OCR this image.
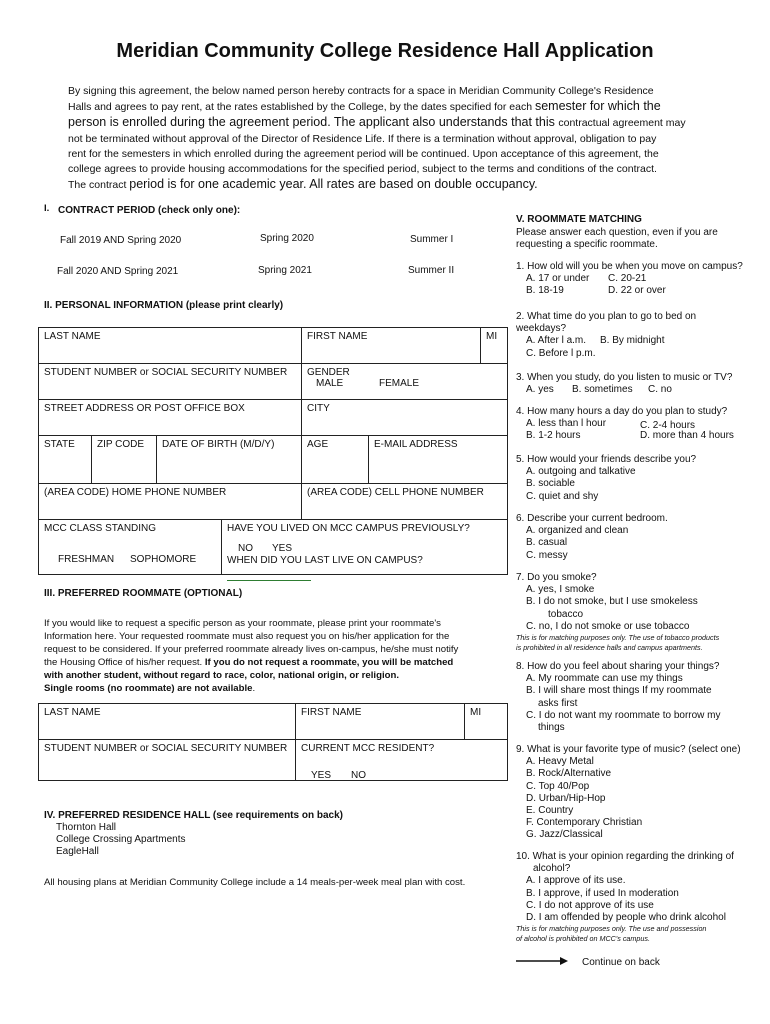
Meridian Community College Residence Hall Application
By signing this agreement, the below named person hereby contracts for a space in Meridian Community College's Residence
Halls and agrees to pay rent, at the rates established by the College, by the dates specified for each semester for which the
person is enrolled during the agreement period. The applicant also understands that this contractual agreement may
not be terminated without approval of the Director of Residence Life. If there is a termination without approval, obligation to pay
rent for the semesters in which enrolled during the agreement period will be continued. Upon acceptance of this agreement, the
college agrees to provide housing accommodations for the specified period, subject to the terms and conditions of the contract.
The contract period is for one academic year. All rates are based on double occupancy.
I. CONTRACT PERIOD (check only one):
Fall 2019 AND Spring 2020	Spring 2020	Summer I
Fall 2020 AND Spring 2021	Spring 2021	Summer II
II. PERSONAL INFORMATION (please print clearly)
LAST NAME	FIRST NAME	MI
STUDENT NUMBER or SOCIAL SECURITY NUMBER	GENDER
MALE	FEMALE
STREET ADDRESS OR POST OFFICE BOX	CITY
STATE	ZIP CODE	DATE OF BIRTH (M/D/Y)	AGE	E-MAIL ADDRESS
(AREA CODE) HOME PHONE NUMBER	(AREA CODE) CELL PHONE NUMBER
MCC CLASS STANDING
FRESHMAN SOPHOMORE
HAVE YOU LIVED ON MCC CAMPUS PREVIOUSLY?
NO YES
WHEN DID YOU LAST LIVE ON CAMPUS?
III. PREFERRED ROOMMATE (OPTIONAL)
If you would like to request a specific person as your roommate, please print your roommate's
Information here. Your requested roommate must also request you on his/her application for the
request to be considered. If your preferred roommate already lives on-campus, he/she must notify
the Housing Office of his/her request. If you do not request a roommate, you will be matched
with another student, without regard to race, color, national origin, or religion.
Single rooms (no roommate) are not available.
LAST NAME	FIRST NAME	MI
STUDENT NUMBER or SOCIAL SECURITY NUMBER	CURRENT MCC RESIDENT?
YES NO
IV. PREFERRED RESIDENCE HALL (see requirements on back)
Thornton Hall
College Crossing Apartments
EagleHall
All housing plans at Meridian Community College include a 14 meals-per-week meal plan with cost.
V. ROOMMATE MATCHING
Please answer each question, even if you are
requesting a specific roommate.
1. How old will you be when you move on campus?
A. 17 or under C. 20-21
B. 18-19	D. 22 or over
2. What time do you plan to go to bed on
weekdays?
A. After l a.m. B. By midnight
C. Before l p.m.
3. When you study, do you listen to music or TV?
A. yes B. sometimes C. no
4. How many hours a day do you plan to study?
A. less than l hour	C. 2-4 hours
B. 1-2 hours	D. more than 4 hours
5. How would your friends describe you?
A. outgoing and talkative
B. sociable
C. quiet and shy
6. Describe your current bedroom.
A. organized and clean
B. casual
C. messy
7. Do you smoke?
A. yes, I smoke
B. I do not smoke, but I use smokeless
tobacco
C. no, I do not smoke or use tobacco
This is for matching purposes only. The use of tobacco products
is prohibited in all residence halls and campus apartments.
8. How do you feel about sharing your things?
A. My roommate can use my things
B. I will share most things If my roommate
asks first
C. I do not want my roommate to borrow my
things
9. What is your favorite type of music? (select one)
A. Heavy Metal
B. Rock/Alternative
C. Top 40/Pop
D. Urban/Hip-Hop
E. Country
F. Contemporary Christian
G. Jazz/Classical
10. What is your opinion regarding the drinking of
alcohol?
A. I approve of its use.
B. I approve, if used In moderation
C. I do not approve of its use
D. I am offended by people who drink alcohol
This is for matching purposes only. The use and possession
of alcohol is prohibited on MCC's campus.
Continue on back
